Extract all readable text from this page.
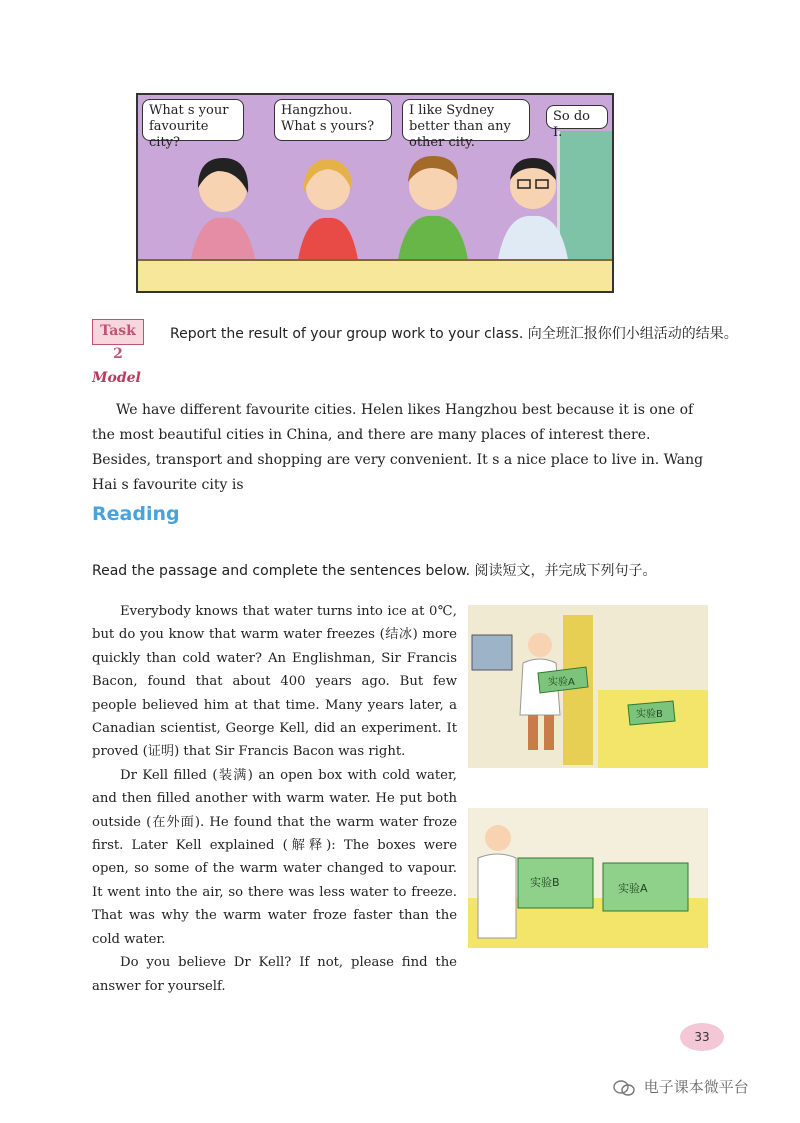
What s your favourite city?
Hangzhou. What s yours?
I like Sydney better than any other city.
So do I.
Task 2
Report the result of your group work to your class. 向全班汇报你们小组活动的结果。
Model

We have different favourite cities. Helen likes Hangzhou best because it is one of the most beautiful cities in China, and there are many places of interest there. Besides, transport and shopping are very convenient. It s a nice place to live in. Wang Hai s favourite city is

Reading
Read the passage and complete the sentences below. 阅读短文，并完成下列句子。

Everybody knows that water turns into ice at 0℃, but do you know that warm water freezes (结冰) more quickly than cold water? An Englishman, Sir Francis Bacon, found that about 400 years ago. But few people believed him at that time. Many years later, a Canadian scientist, George Kell, did an experiment. It proved (证明) that Sir Francis Bacon was right.

Dr Kell filled (装满) an open box with cold water, and then filled another with warm water. He put both outside (在外面). He found that the warm water froze first. Later Kell explained (解释): The boxes were open, so some of the warm water changed to vapour. It went into the air, so there was less water to freeze. That was why the warm water froze faster than the cold water.

Do you believe Dr Kell? If not, please find the answer for yourself.

实验A
实验B
实验B	实验A
33
电子课本微平台
